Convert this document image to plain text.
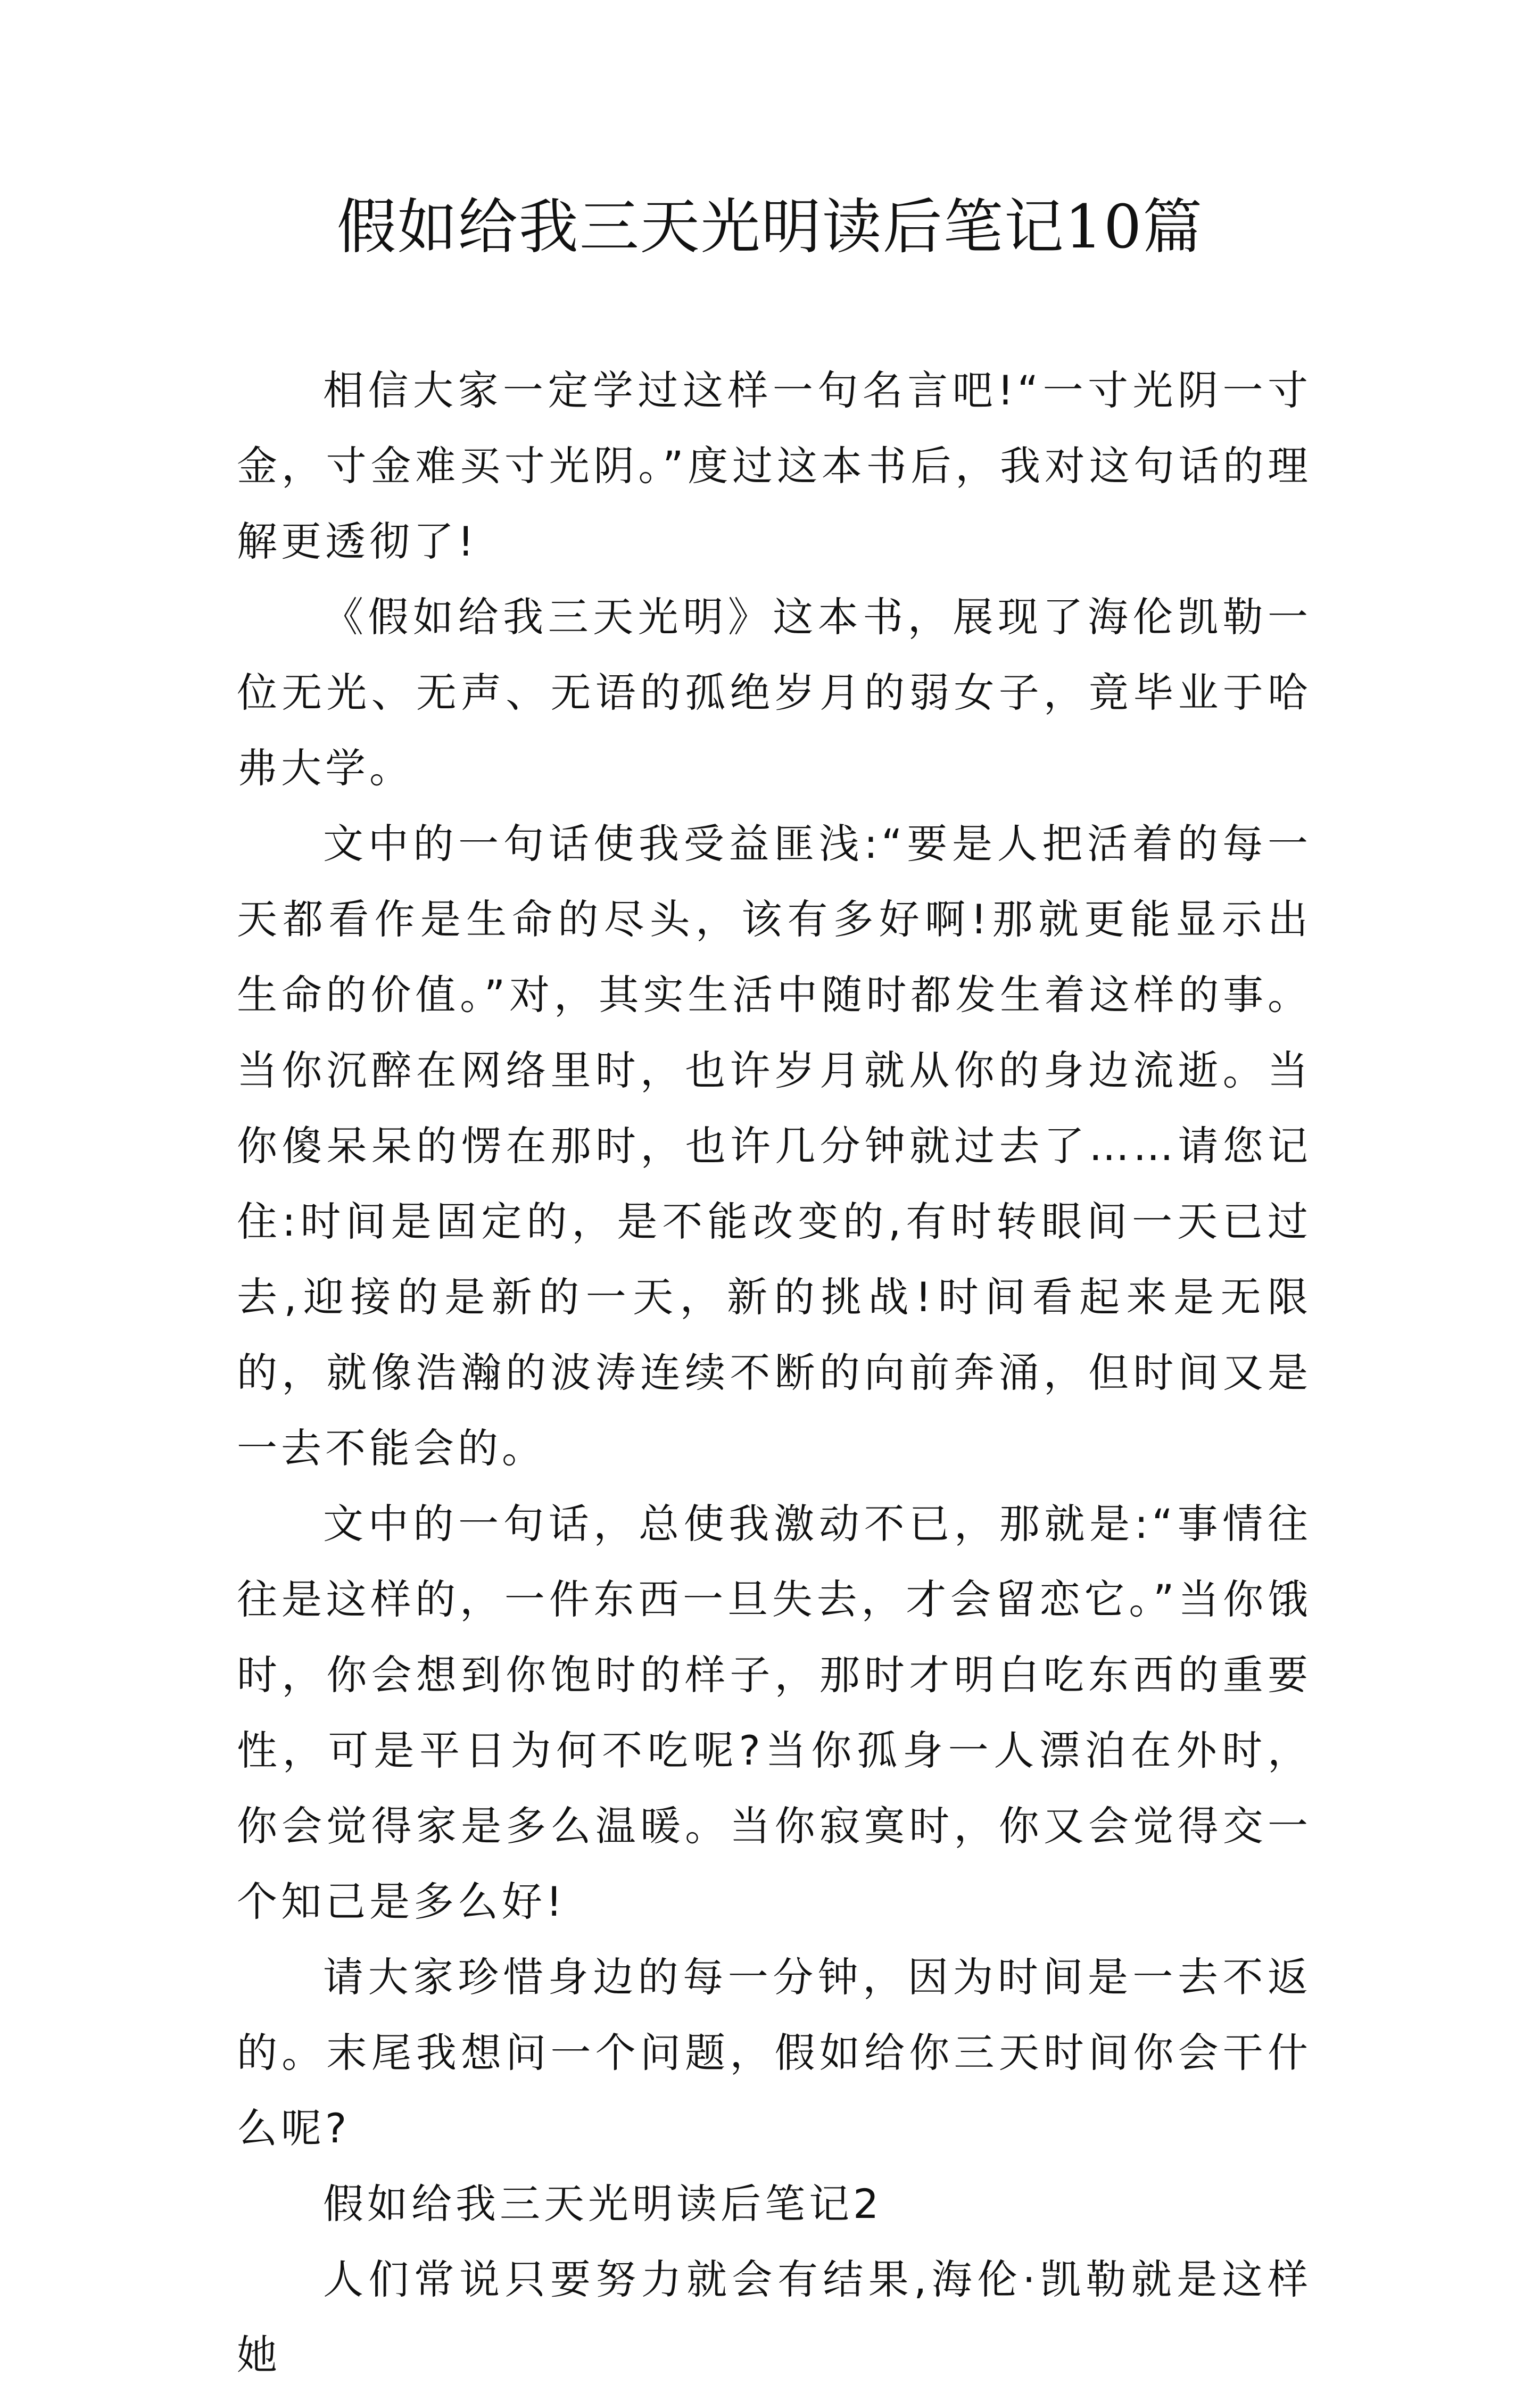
假如给我三天光明读后笔记10篇

相信大家一定学过这样一句名言吧!“一寸光阴一寸金，寸金难买寸光阴。”度过这本书后，我对这句话的理解更透彻了!

《假如给我三天光明》这本书，展现了海伦凯勒一位无光、无声、无语的孤绝岁月的弱女子，竟毕业于哈弗大学。

文中的一句话使我受益匪浅:“要是人把活着的每一天都看作是生命的尽头，该有多好啊!那就更能显示出生命的价值。”对，其实生活中随时都发生着这样的事。当你沉醉在网络里时，也许岁月就从你的身边流逝。当你傻呆呆的愣在那时，也许几分钟就过去了……请您记住:时间是固定的，是不能改变的,有时转眼间一天已过去,迎接的是新的一天，新的挑战!时间看起来是无限的，就像浩瀚的波涛连续不断的向前奔涌，但时间又是一去不能会的。

文中的一句话，总使我激动不已，那就是:“事情往往是这样的，一件东西一旦失去，才会留恋它。”当你饿时，你会想到你饱时的样子，那时才明白吃东西的重要性，可是平日为何不吃呢?当你孤身一人漂泊在外时，你会觉得家是多么温暖。当你寂寞时，你又会觉得交一个知己是多么好!

请大家珍惜身边的每一分钟，因为时间是一去不返的。末尾我想问一个问题，假如给你三天时间你会干什么呢?

假如给我三天光明读后笔记2

人们常说只要努力就会有结果,海伦·凯勒就是这样她
